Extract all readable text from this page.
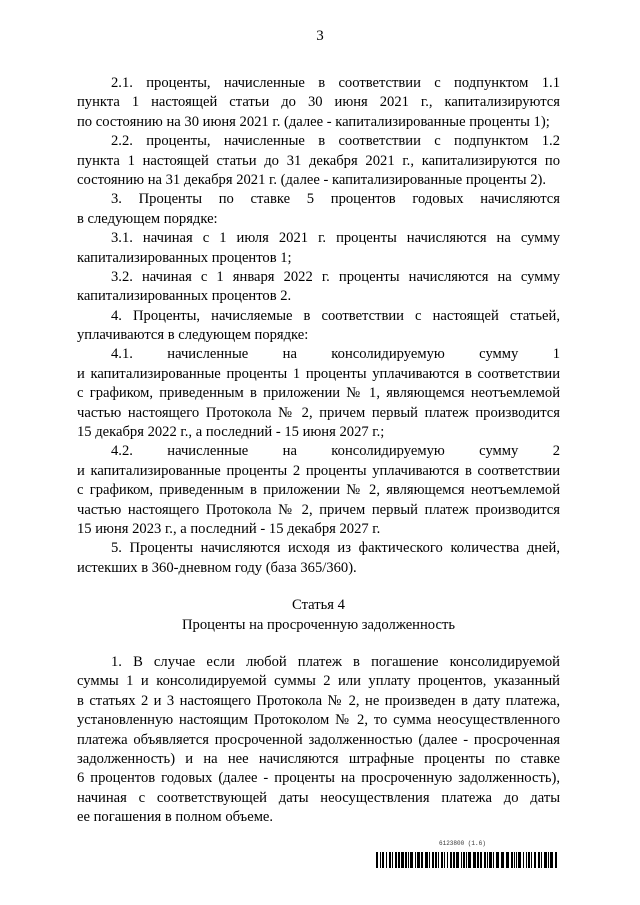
3
2.1. проценты, начисленные в соответствии с подпунктом 1.1
пункта 1 настоящей статьи до 30 июня 2021 г., капитализируются
по состоянию на 30 июня 2021 г. (далее - капитализированные проценты 1);
2.2. проценты, начисленные в соответствии с подпунктом 1.2
пункта 1 настоящей статьи до 31 декабря 2021 г., капитализируются по
состоянию на 31 декабря 2021 г. (далее - капитализированные проценты 2).
3. Проценты по ставке 5 процентов годовых начисляются
в следующем порядке:
3.1. начиная с 1 июля 2021 г. проценты начисляются на сумму
капитализированных процентов 1;
3.2. начиная с 1 января 2022 г. проценты начисляются на сумму
капитализированных процентов 2.
4. Проценты, начисляемые в соответствии с настоящей статьей,
уплачиваются в следующем порядке:
4.1. начисленные на консолидируемую сумму 1
и капитализированные проценты 1 проценты уплачиваются в соответствии
с графиком, приведенным в приложении № 1, являющемся неотъемлемой
частью настоящего Протокола № 2, причем первый платеж производится
15 декабря 2022 г., а последний - 15 июня 2027 г.;
4.2. начисленные на консолидируемую сумму 2
и капитализированные проценты 2 проценты уплачиваются в соответствии
с графиком, приведенным в приложении № 2, являющемся неотъемлемой
частью настоящего Протокола № 2, причем первый платеж производится
15 июня 2023 г., а последний - 15 декабря 2027 г.
5. Проценты начисляются исходя из фактического количества дней,
истекших в 360-дневном году (база 365/360).
Статья 4
Проценты на просроченную задолженность
1. В случае если любой платеж в погашение консолидируемой
суммы 1 и консолидируемой суммы 2 или уплату процентов, указанный
в статьях 2 и 3 настоящего Протокола № 2, не произведен в дату платежа,
установленную настоящим Протоколом № 2, то сумма неосуществленного
платежа объявляется просроченной задолженностью (далее - просроченная
задолженность) и на нее начисляются штрафные проценты по ставке
6 процентов годовых (далее - проценты на просроченную задолженность),
начиная с соответствующей даты неосуществления платежа до даты
ее погашения в полном объеме.
6123800 (1.6)
